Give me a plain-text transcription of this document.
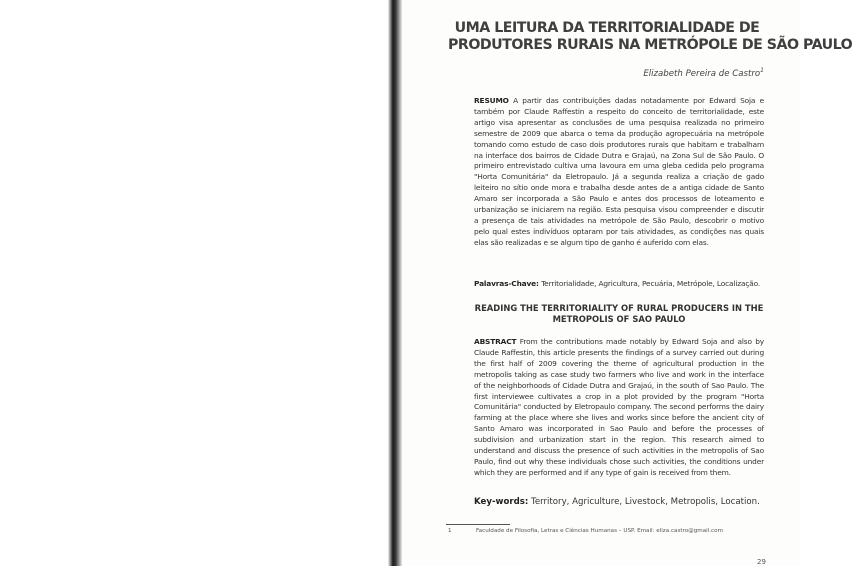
UMA LEITURA DA TERRITORIALIDADE DE
PRODUTORES RURAIS NA METRÓPOLE DE SÃO PAULO
Elizabeth Pereira de Castro$^1$
RESUMO A partir das contribuições dadas notadamente por Edward Soja e também por Claude Raffestin a respeito do conceito de territorialidade, este artigo visa apresentar as conclusões de uma pesquisa realizada no primeiro semestre de 2009 que abarca o tema da produção agropecuária na metrópole tomando como estudo de caso dois produtores rurais que habitam e trabalham na interface dos bairros de Cidade Dutra e Grajaú, na Zona Sul de São Paulo. O primeiro entrevistado cultiva uma lavoura em uma gleba cedida pelo programa "Horta Comunitária" da Eletropaulo. Já a segunda realiza a criação de gado leiteiro no sítio onde mora e trabalha desde antes de a antiga cidade de Santo Amaro ser incorporada a São Paulo e antes dos processos de loteamento e urbanização se iniciarem na região. Esta pesquisa visou compreender e discutir a presença de tais atividades na metrópole de São Paulo, descobrir o motivo pelo qual estes indivíduos optaram por tais atividades, as condições nas quais elas são realizadas e se algum tipo de ganho é auferido com elas.
Palavras-Chave: Territorialidade, Agricultura, Pecuária, Metrópole, Localização.
READING THE TERRITORIALITY OF RURAL PRODUCERS IN THE METROPOLIS OF SAO PAULO
ABSTRACT From the contributions made notably by Edward Soja and also by Claude Raffestin, this article presents the findings of a survey carried out during the first half of 2009 covering the theme of agricultural production in the metropolis taking as case study two farmers who live and work in the interface of the neighborhoods of Cidade Dutra and Grajaú, in the south of Sao Paulo. The first interviewee cultivates a crop in a plot provided by the program "Horta Comunitária" conducted by Eletropaulo company. The second performs the dairy farming at the place where she lives and works since before the ancient city of Santo Amaro was incorporated in Sao Paulo and before the processes of subdivision and urbanization start in the region. This research aimed to understand and discuss the presence of such activities in the metropolis of Sao Paulo, find out why these individuals chose such activities, the conditions under which they are performed and if any type of gain is received from them.
Key-words: Territory, Agriculture, Livestock, Metropolis, Location.
1	Faculdade de Filosofia, Letras e Ciências Humanas – USP. Email: eliza.castro@gmail.com
29
